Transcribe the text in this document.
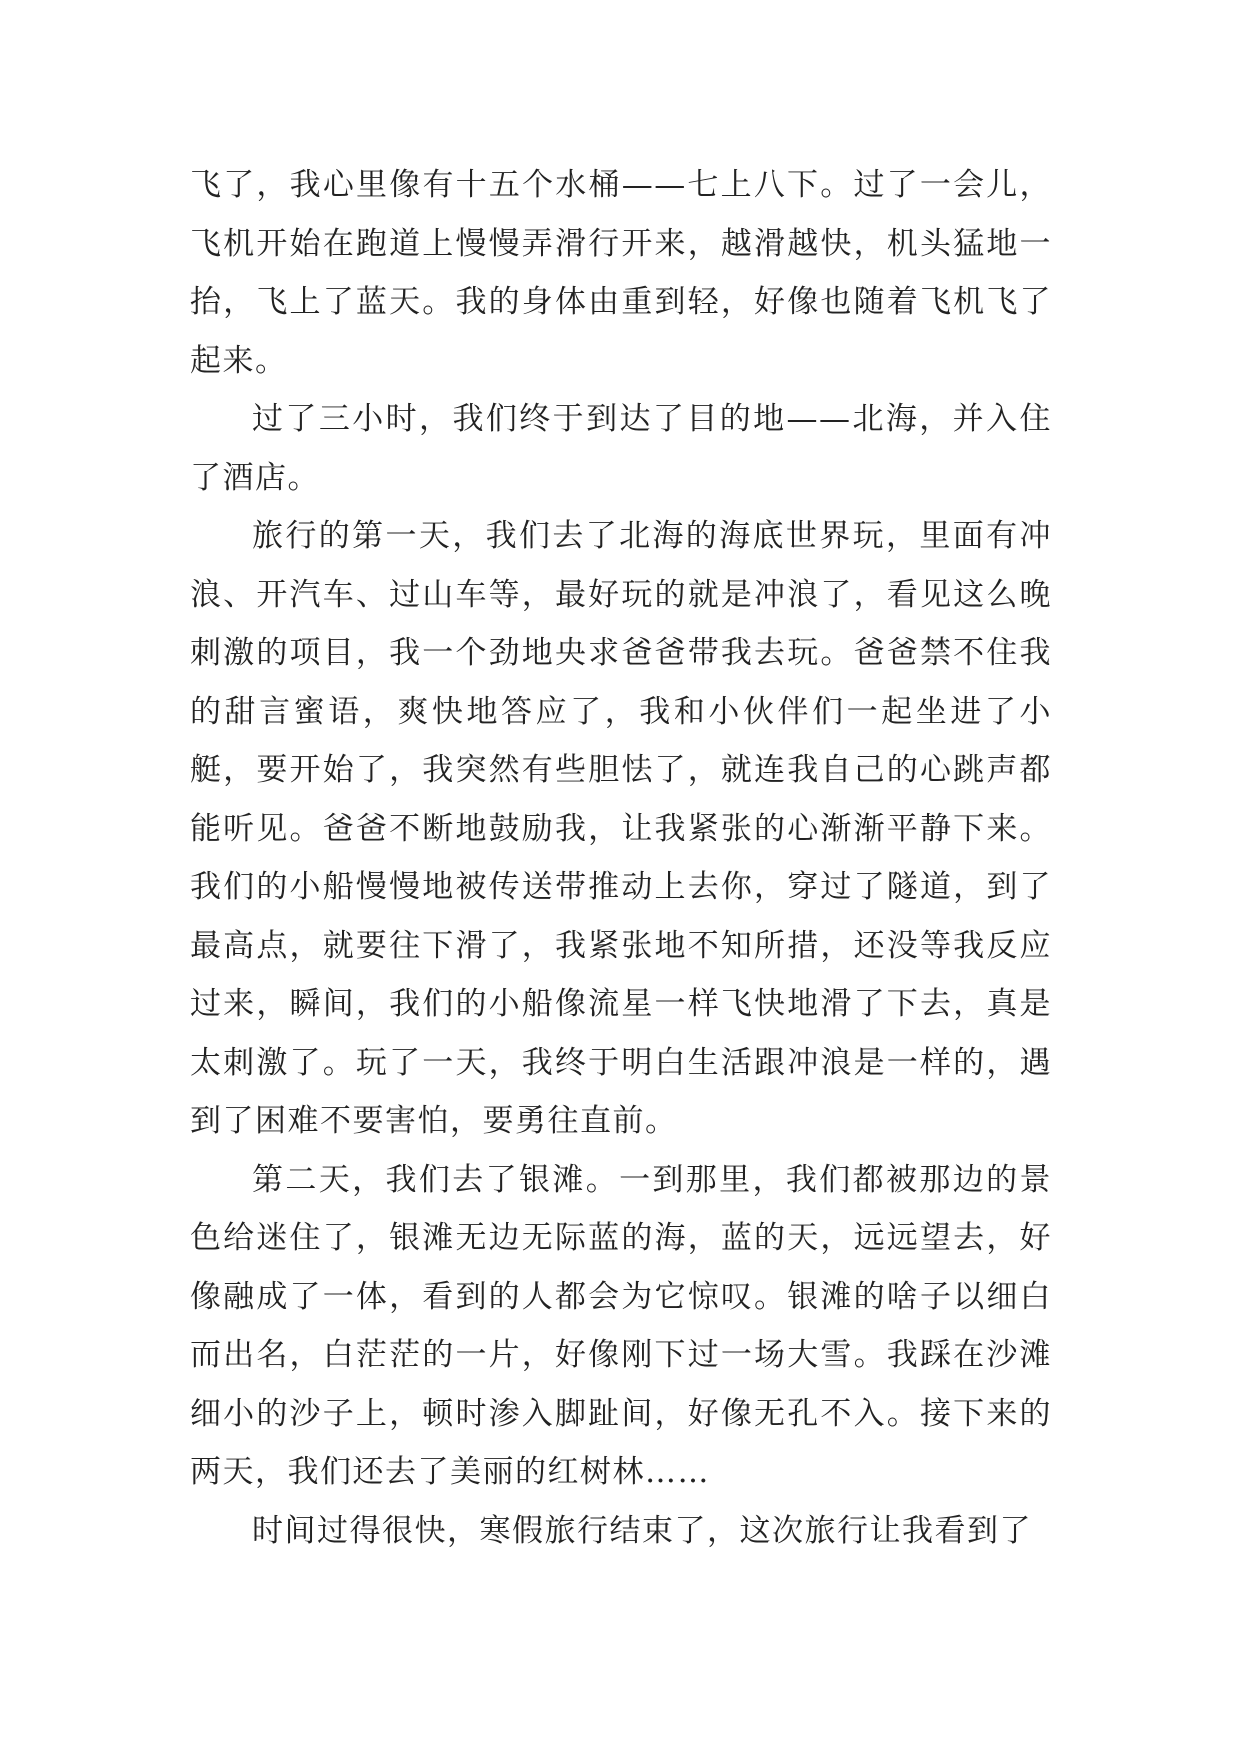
飞了，我心里像有十五个水桶——七上八下。过了一会儿，飞机开始在跑道上慢慢弄滑行开来，越滑越快，机头猛地一抬，飞上了蓝天。我的身体由重到轻，好像也随着飞机飞了起来。

过了三小时，我们终于到达了目的地——北海，并入住了酒店。

旅行的第一天，我们去了北海的海底世界玩，里面有冲浪、开汽车、过山车等，最好玩的就是冲浪了，看见这么晚刺激的项目，我一个劲地央求爸爸带我去玩。爸爸禁不住我的甜言蜜语，爽快地答应了，我和小伙伴们一起坐进了小艇，要开始了，我突然有些胆怯了，就连我自己的心跳声都能听见。爸爸不断地鼓励我，让我紧张的心渐渐平静下来。我们的小船慢慢地被传送带推动上去你，穿过了隧道，到了最高点，就要往下滑了，我紧张地不知所措，还没等我反应过来，瞬间，我们的小船像流星一样飞快地滑了下去，真是太刺激了。玩了一天，我终于明白生活跟冲浪是一样的，遇到了困难不要害怕，要勇往直前。

第二天，我们去了银滩。一到那里，我们都被那边的景色给迷住了，银滩无边无际蓝的海，蓝的天，远远望去，好像融成了一体，看到的人都会为它惊叹。银滩的啥子以细白而出名，白茫茫的一片，好像刚下过一场大雪。我踩在沙滩细小的沙子上，顿时渗入脚趾间，好像无孔不入。接下来的两天，我们还去了美丽的红树林……

时间过得很快，寒假旅行结束了，这次旅行让我看到了
